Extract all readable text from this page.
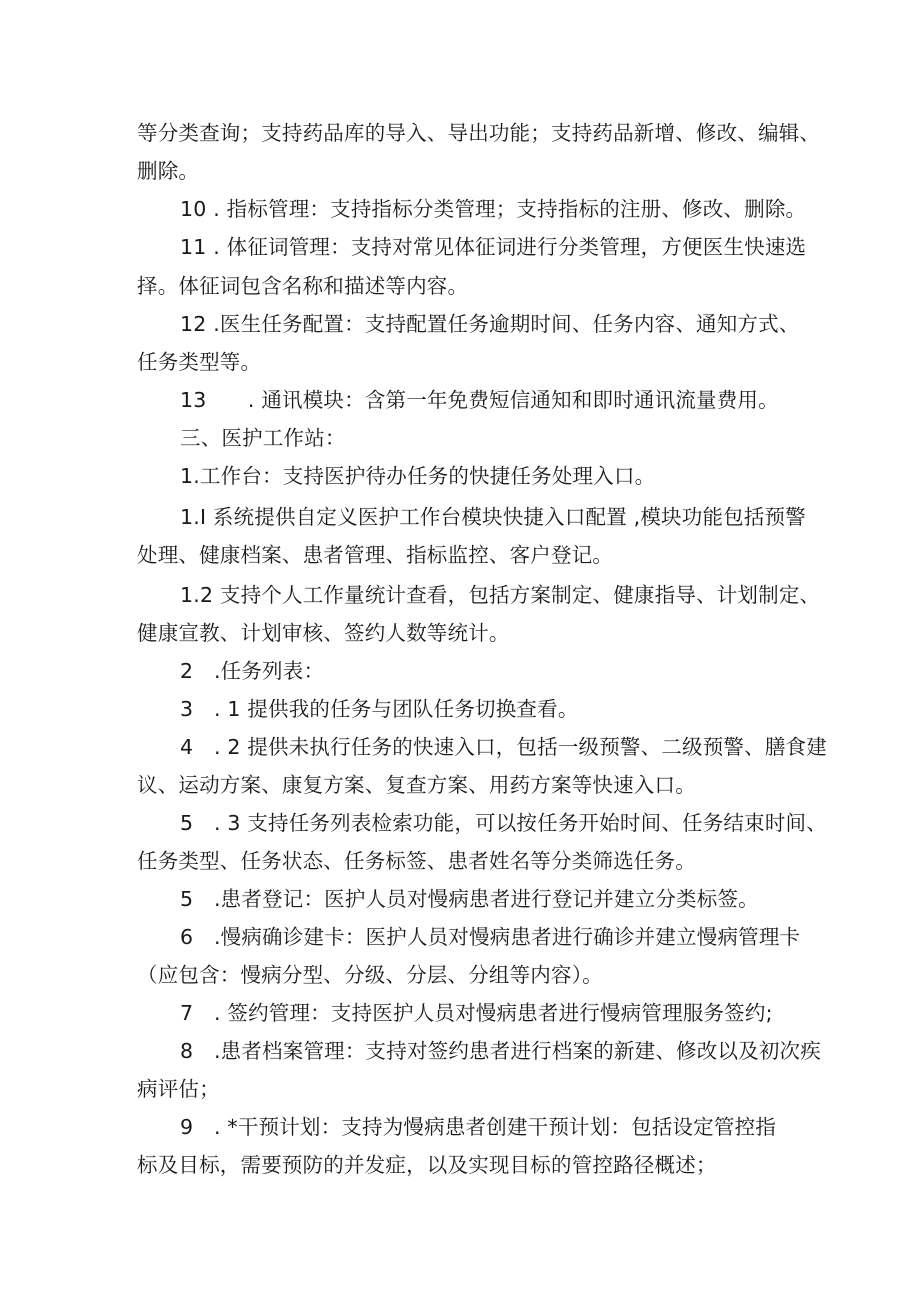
等分类查询；支持药品库的导入、导出功能；支持药品新增、修改、编辑、
删除。
10 . 指标管理：支持指标分类管理；支持指标的注册、修改、删除。
11 . 体征词管理：支持对常见体征词进行分类管理，方便医生快速选
择。体征词包含名称和描述等内容。
12 .医生任务配置：支持配置任务逾期时间、任务内容、通知方式、
任务类型等。
13　　. 通讯模块：含第一年免费短信通知和即时通讯流量费用。
三、医护工作站：
1.工作台：支持医护待办任务的快捷任务处理入口。
1.I 系统提供自定义医护工作台模块快捷入口配置 ,模块功能包括预警
处理、健康档案、患者管理、指标监控、客户登记。
1.2 支持个人工作量统计查看，包括方案制定、健康指导、计划制定、
健康宣教、计划审核、签约人数等统计。
2　.任务列表：
3　. 1 提供我的任务与团队任务切换查看。
4　. 2 提供未执行任务的快速入口，包括一级预警、二级预警、膳食建
议、运动方案、康复方案、复查方案、用药方案等快速入口。
5　. 3 支持任务列表检索功能，可以按任务开始时间、任务结束时间、
任务类型、任务状态、任务标签、患者姓名等分类筛选任务。
5　.患者登记：医护人员对慢病患者进行登记并建立分类标签。
6　.慢病确诊建卡：医护人员对慢病患者进行确诊并建立慢病管理卡
（应包含：慢病分型、分级、分层、分组等内容）。
7　. 签约管理：支持医护人员对慢病患者进行慢病管理服务签约;
8　.患者档案管理：支持对签约患者进行档案的新建、修改以及初次疾
病评估；
9　. *干预计划：支持为慢病患者创建干预计划：包括设定管控指
标及目标，需要预防的并发症，以及实现目标的管控路径概述；
